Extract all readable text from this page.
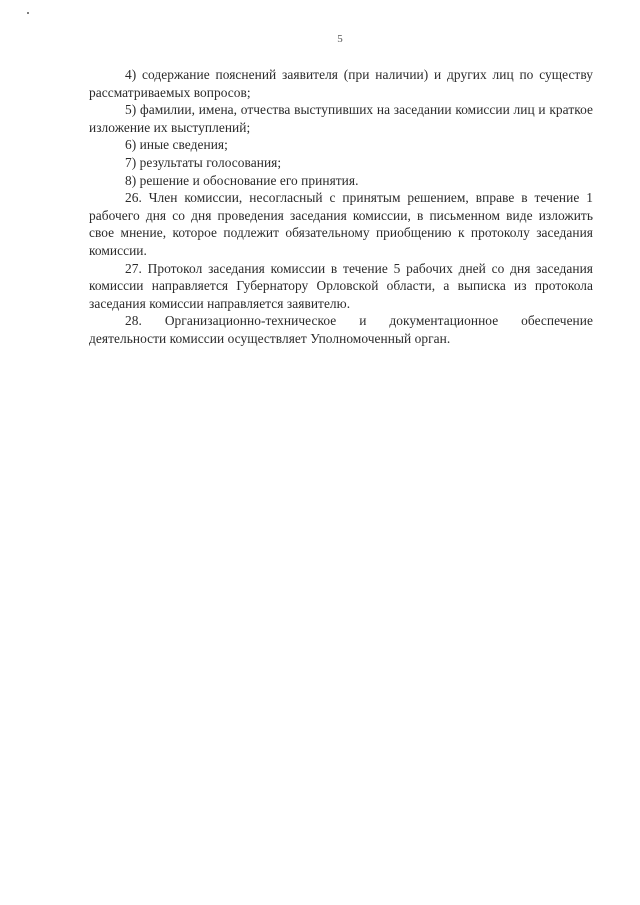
5

4) содержание пояснений заявителя (при наличии) и других лиц по существу рассматриваемых вопросов;

5) фамилии, имена, отчества выступивших на заседании комиссии лиц и краткое изложение их выступлений;

6) иные сведения;

7) результаты голосования;

8) решение и обоснование его принятия.

26. Член комиссии, несогласный с принятым решением, вправе в течение 1 рабочего дня со дня проведения заседания комиссии, в письменном виде изложить свое мнение, которое подлежит обязательному приобщению к протоколу заседания комиссии.

27. Протокол заседания комиссии в течение 5 рабочих дней со дня заседания комиссии направляется Губернатору Орловской области, а выписка из протокола заседания комиссии направляется заявителю.

28. Организационно-техническое и документационное обеспечение деятельности комиссии осуществляет Уполномоченный орган.
